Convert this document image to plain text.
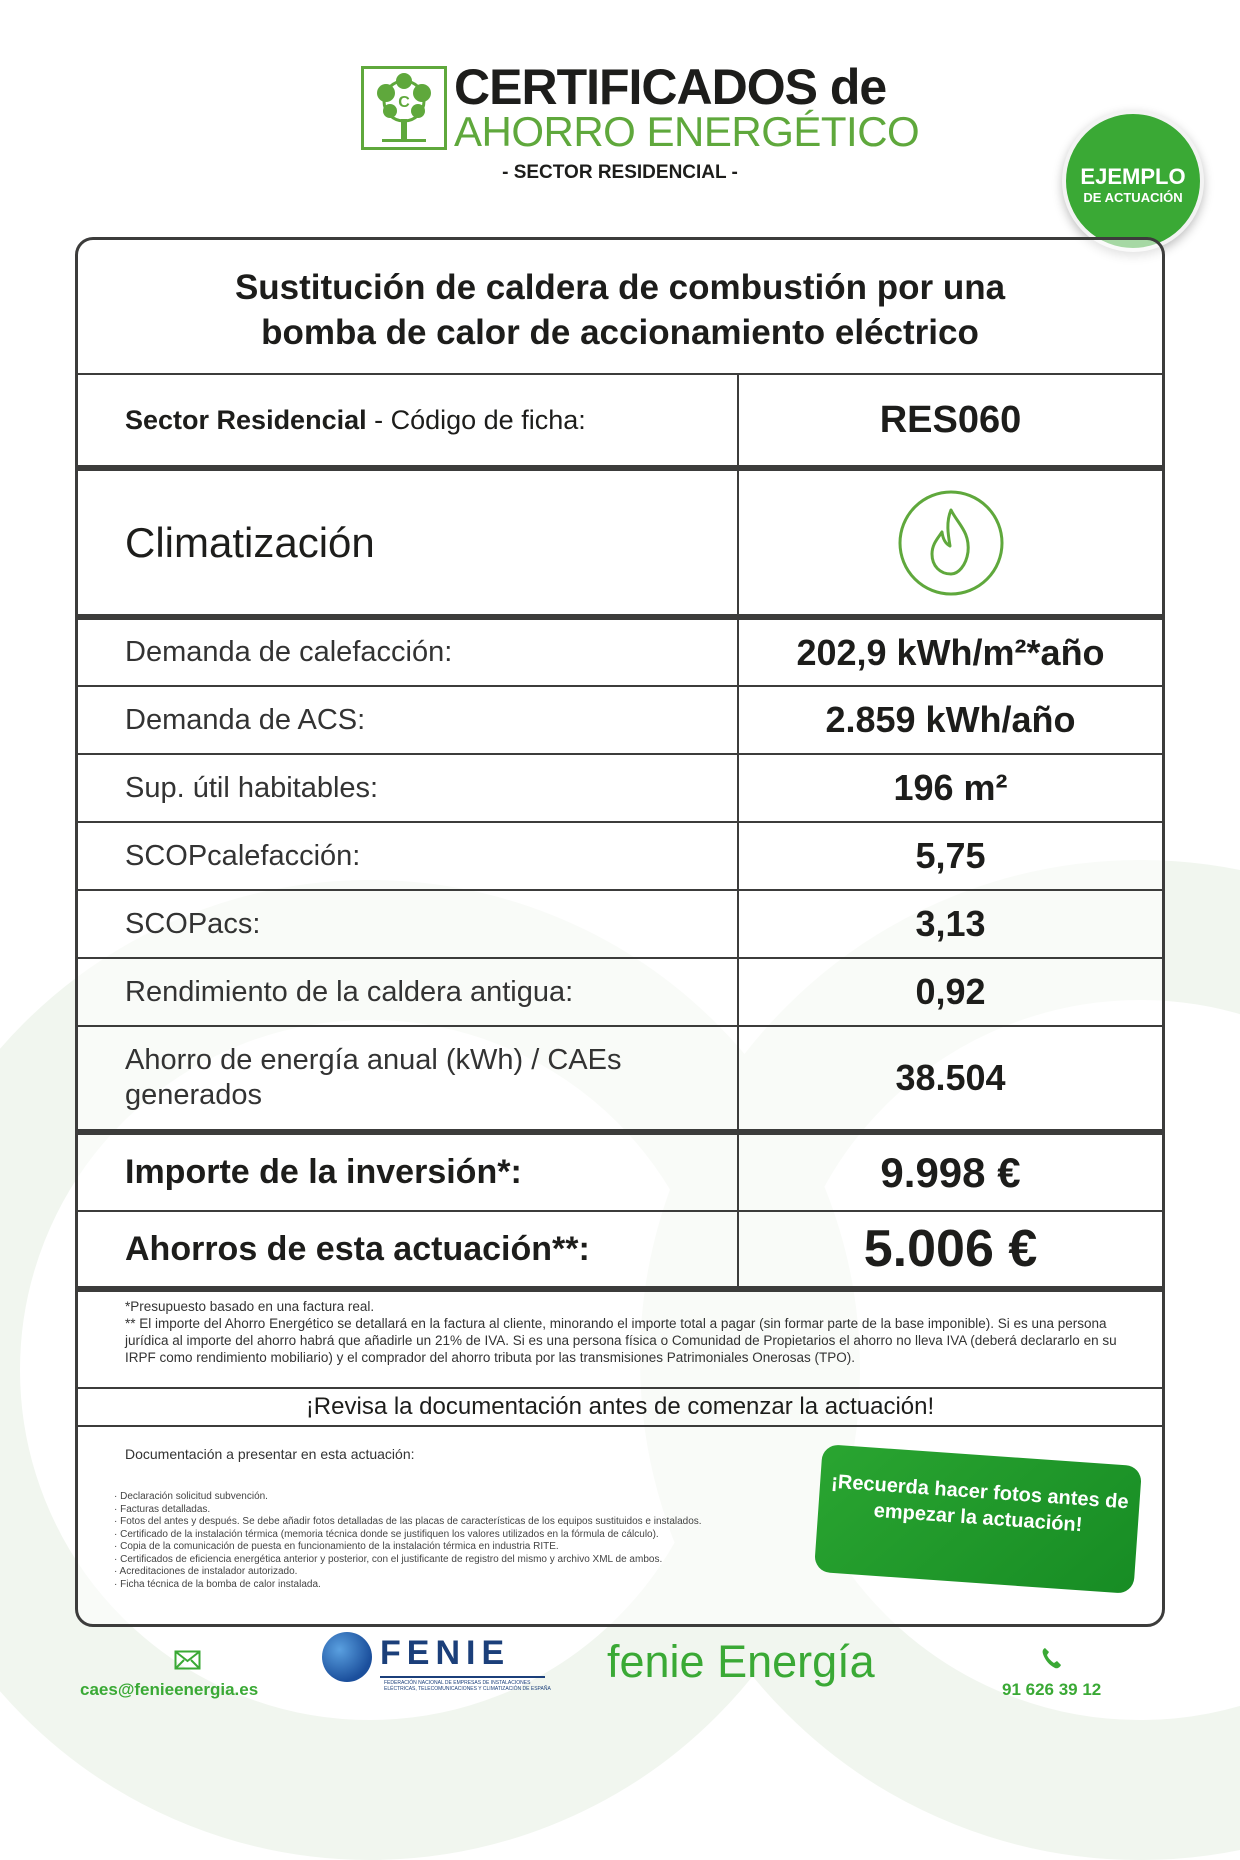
C CERTIFICADOS de
AHORRO ENERGÉTICO
- SECTOR RESIDENCIAL -	EJEMPLO
DE ACTUACIÓN
Sustitución de caldera de combustión por una
bomba de calor de accionamiento eléctrico
Sector Residencial - Código de ficha:	RES060
Climatización
Demanda de calefacción:	202,9 kWh/m²*año
Demanda de ACS:	2.859 kWh/año
Sup. útil habitables:	196 m²
SCOPcalefacción:	5,75
SCOPacs:	3,13
Rendimiento de la caldera antigua:	0,92
Ahorro de energía anual (kWh) / CAEs generados	38.504
Importe de la inversión*:	9.998 €
Ahorros de esta actuación**:	5.006 €

*Presupuesto basado en una factura real.

** El importe del Ahorro Energético se detallará en la factura al cliente, minorando el importe total a pagar (sin formar parte de la base imponible). Si es una persona jurídica al importe del ahorro habrá que añadirle un 21% de IVA. Si es una persona física o Comunidad de Propietarios el ahorro no lleva IVA (deberá declararlo en su IRPF como rendimiento mobiliario) y el comprador del ahorro tributa por las transmisiones Patrimoniales Onerosas (TPO).

¡Revisa la documentación antes de comenzar la actuación!
Documentación a presentar en esta actuación:
· Declaración solicitud subvención.
· Facturas detalladas.
· Fotos del antes y después. Se debe añadir fotos detalladas de las placas de características de los equipos sustituidos e instalados.
· Certificado de la instalación térmica (memoria técnica donde se justifiquen los valores utilizados en la fórmula de cálculo).
· Copia de la comunicación de puesta en funcionamiento de la instalación térmica en industria RITE.
· Certificados de eficiencia energética anterior y posterior, con el justificante de registro del mismo y archivo XML de ambos.
· Acreditaciones de instalador autorizado.
· Ficha técnica de la bomba de calor instalada.
¡Recuerda hacer fotos antes de empezar la actuación!
caes@fenieenergia.es
FENIE
FEDERACIÓN NACIONAL DE EMPRESAS DE INSTALACIONES ELÉCTRICAS, TELECOMUNICACIONES Y CLIMATIZACIÓN DE ESPAÑA
fenie Energía
91 626 39 12
